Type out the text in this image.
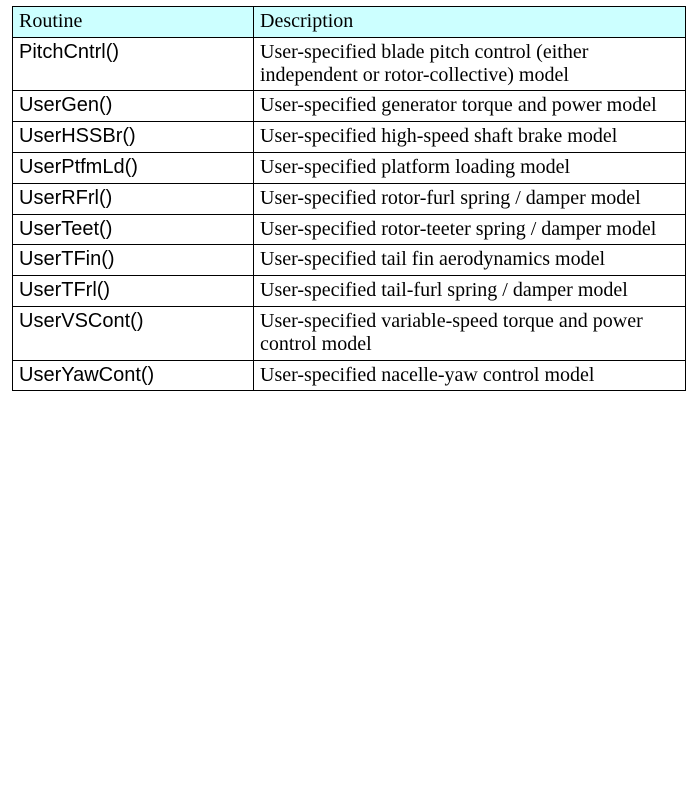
Routine	Description
PitchCntrl()	User-specified blade pitch control (either independent or rotor-collective) model
UserGen()	User-specified generator torque and power model
UserHSSBr()	User-specified high-speed shaft brake model
UserPtfmLd()	User-specified platform loading model
UserRFrl()	User-specified rotor-furl spring / damper model
UserTeet()	User-specified rotor-teeter spring / damper model
UserTFin()	User-specified tail fin aerodynamics model
UserTFrl()	User-specified tail-furl spring / damper model
UserVSCont()	User-specified variable-speed torque and power control model
UserYawCont()	User-specified nacelle-yaw control model
